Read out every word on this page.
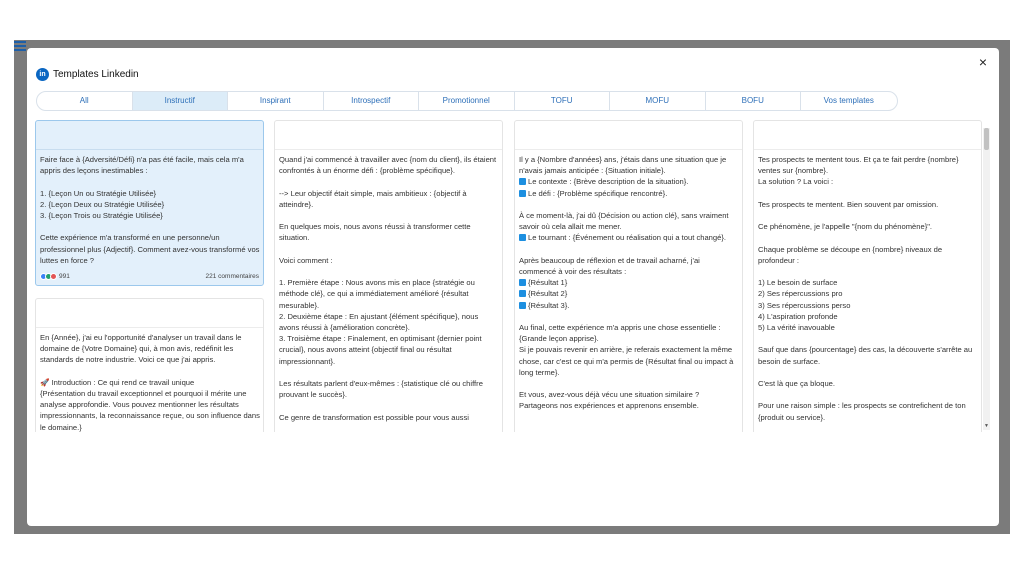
×
in Templates Linkedin
All	Instructif	Inspirant	Introspectif	Promotionnel	TOFU	MOFU	BOFU	Vos templates
Faire face à {Adversité/Défi} n'a pas été facile, mais cela m'a appris des leçons inestimables :

1. {Leçon Un ou Stratégie Utilisée}
2. {Leçon Deux ou Stratégie Utilisée}
3. {Leçon Trois ou Stratégie Utilisée}

Cette expérience m'a transformé en une personne/un professionnel plus {Adjectif}. Comment avez-vous transformé vos luttes en force ?
991	221 commentaires
En {Année}, j'ai eu l'opportunité d'analyser un travail dans le domaine de {Votre Domaine} qui, à mon avis, redéfinit les standards de notre industrie. Voici ce que j'ai appris.

🚀 Introduction : Ce qui rend ce travail unique
{Présentation du travail exceptionnel et pourquoi il mérite une analyse approfondie. Vous pouvez mentionner les résultats impressionnants, la reconnaissance reçue, ou son influence dans le domaine.}
Quand j'ai commencé à travailler avec {nom du client}, ils étaient confrontés à un énorme défi : {problème spécifique}.

--> Leur objectif était simple, mais ambitieux : {objectif à atteindre}.

En quelques mois, nous avons réussi à transformer cette situation.

Voici comment :

1. Première étape : Nous avons mis en place {stratégie ou méthode clé}, ce qui a immédiatement amélioré {résultat mesurable}.
2. Deuxième étape : En ajustant {élément spécifique}, nous avons réussi à {amélioration concrète}.
3. Troisième étape : Finalement, en optimisant {dernier point crucial}, nous avons atteint {objectif final ou résultat impressionnant}.

Les résultats parlent d'eux-mêmes : {statistique clé ou chiffre prouvant le succès}.

Ce genre de transformation est possible pour vous aussi
Il y a {Nombre d'années} ans, j'étais dans une situation que je n'avais jamais anticipée : {Situation initiale}.
Le contexte : {Brève description de la situation}.
Le défi : {Problème spécifique rencontré}.

À ce moment-là, j'ai dû {Décision ou action clé}, sans vraiment savoir où cela allait me mener.
Le tournant : {Événement ou réalisation qui a tout changé}.

Après beaucoup de réflexion et de travail acharné, j'ai commencé à voir des résultats :
{Résultat 1}
{Résultat 2}
{Résultat 3}.

Au final, cette expérience m'a appris une chose essentielle : {Grande leçon apprise}.
Si je pouvais revenir en arrière, je referais exactement la même chose, car c'est ce qui m'a permis de {Résultat final ou impact à long terme}.

Et vous, avez-vous déjà vécu une situation similaire ?
Partageons nos expériences et apprenons ensemble.
Tes prospects te mentent tous. Et ça te fait perdre {nombre} ventes sur {nombre}.
La solution ? La voici :

Tes prospects te mentent. Bien souvent par omission.

Ce phénomène, je l'appelle "{nom du phénomène}".

Chaque problème se découpe en {nombre} niveaux de profondeur :

1) Le besoin de surface
2) Ses répercussions pro
3) Ses répercussions perso
4) L'aspiration profonde
5) La vérité inavouable

Sauf que dans {pourcentage} des cas, la découverte s'arrête au besoin de surface.

C'est là que ça bloque.

Pour une raison simple : les prospects se contrefichent de ton {produit ou service}.
▼
